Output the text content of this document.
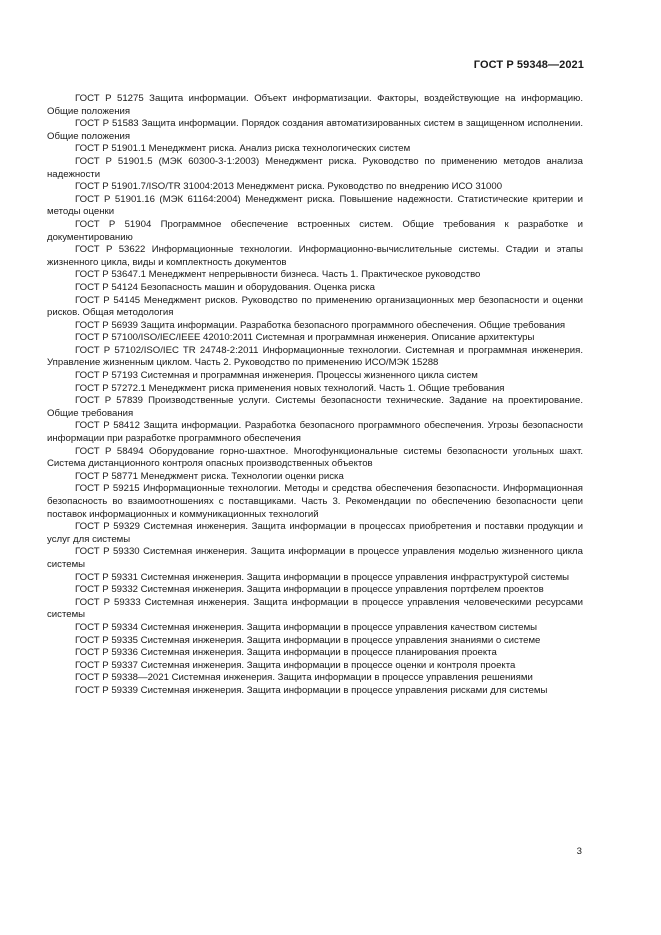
ГОСТ Р 59348—2021

ГОСТ Р 51275 Защита информации. Объект информатизации. Факторы, воздействующие на информацию. Общие положения

ГОСТ Р 51583 Защита информации. Порядок создания автоматизированных систем в защищенном исполнении. Общие положения

ГОСТ Р 51901.1 Менеджмент риска. Анализ риска технологических систем

ГОСТ Р 51901.5 (МЭК 60300-3-1:2003) Менеджмент риска. Руководство по применению методов анализа надежности

ГОСТ Р 51901.7/ISO/TR 31004:2013 Менеджмент риска. Руководство по внедрению ИСО 31000

ГОСТ Р 51901.16 (МЭК 61164:2004) Менеджмент риска. Повышение надежности. Статистические критерии и методы оценки

ГОСТ Р 51904 Программное обеспечение встроенных систем. Общие требования к разработке и документированию

ГОСТ Р 53622 Информационные технологии. Информационно-вычислительные системы. Стадии и этапы жизненного цикла, виды и комплектность документов

ГОСТ Р 53647.1 Менеджмент непрерывности бизнеса. Часть 1. Практическое руководство

ГОСТ Р 54124 Безопасность машин и оборудования. Оценка риска

ГОСТ Р 54145 Менеджмент рисков. Руководство по применению организационных мер безопасности и оценки рисков. Общая методология

ГОСТ Р 56939 Защита информации. Разработка безопасного программного обеспечения. Общие требования

ГОСТ Р 57100/ISO/IEC/IEEE 42010:2011 Системная и программная инженерия. Описание архитектуры

ГОСТ Р 57102/ISO/IEC TR 24748-2:2011 Информационные технологии. Системная и программная инженерия. Управление жизненным циклом. Часть 2. Руководство по применению ИСО/МЭК 15288

ГОСТ Р 57193 Системная и программная инженерия. Процессы жизненного цикла систем

ГОСТ Р 57272.1 Менеджмент риска применения новых технологий. Часть 1. Общие требования

ГОСТ Р 57839 Производственные услуги. Системы безопасности технические. Задание на проектирование. Общие требования

ГОСТ Р 58412 Защита информации. Разработка безопасного программного обеспечения. Угрозы безопасности информации при разработке программного обеспечения

ГОСТ Р 58494 Оборудование горно-шахтное. Многофункциональные системы безопасности угольных шахт. Система дистанционного контроля опасных производственных объектов

ГОСТ Р 58771 Менеджмент риска. Технологии оценки риска

ГОСТ Р 59215 Информационные технологии. Методы и средства обеспечения безопасности. Информационная безопасность во взаимоотношениях с поставщиками. Часть 3. Рекомендации по обеспечению безопасности цепи поставок информационных и коммуникационных технологий

ГОСТ Р 59329 Системная инженерия. Защита информации в процессах приобретения и поставки продукции и услуг для системы

ГОСТ Р 59330 Системная инженерия. Защита информации в процессе управления моделью жизненного цикла системы

ГОСТ Р 59331 Системная инженерия. Защита информации в процессе управления инфраструктурой системы

ГОСТ Р 59332 Системная инженерия. Защита информации в процессе управления портфелем проектов

ГОСТ Р 59333 Системная инженерия. Защита информации в процессе управления человеческими ресурсами системы

ГОСТ Р 59334 Системная инженерия. Защита информации в процессе управления качеством системы

ГОСТ Р 59335 Системная инженерия. Защита информации в процессе управления знаниями о системе

ГОСТ Р 59336 Системная инженерия. Защита информации в процессе планирования проекта

ГОСТ Р 59337 Системная инженерия. Защита информации в процессе оценки и контроля проекта

ГОСТ Р 59338—2021 Системная инженерия. Защита информации в процессе управления решениями

ГОСТ Р 59339 Системная инженерия. Защита информации в процессе управления рисками для системы

3
